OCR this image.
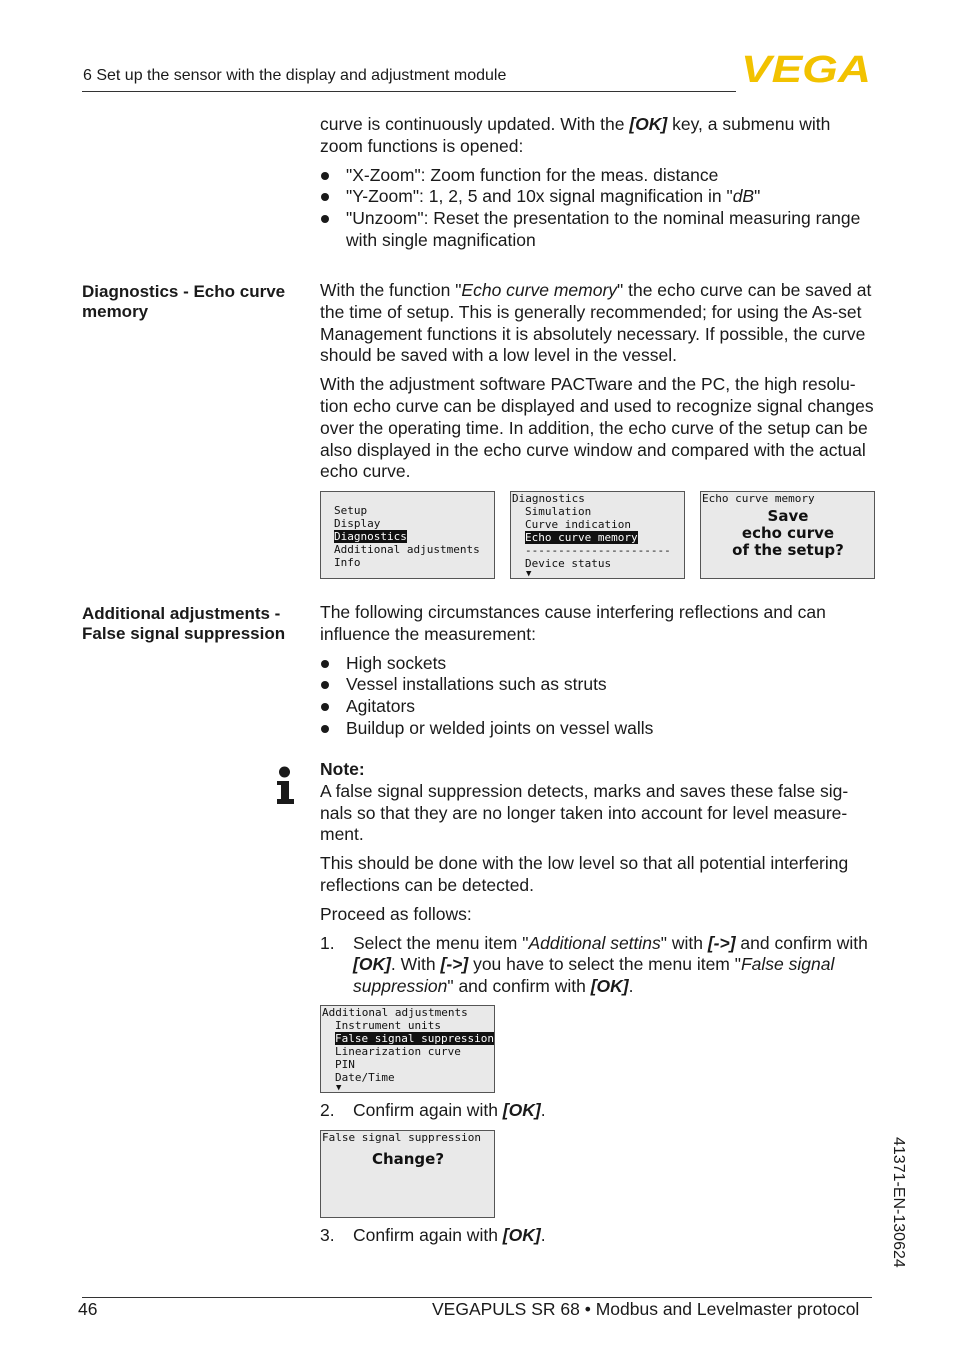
6 Set up the sensor with the display and adjustment module	VEGA

curve is continuously updated. With the [OK] key, a submenu with zoom functions is opened:

"X-Zoom": Zoom function for the meas. distance
"Y-Zoom": 1, 2, 5 and 10x signal magnification in "dB"
"Unzoom": Reset the presentation to the nominal measuring range with single magnification
Diagnostics - Echo curve memory

With the function "Echo curve memory" the echo curve can be saved at the time of setup. This is generally recommended; for using the As-set Management functions it is absolutely necessary. If possible, the curve should be saved with a low level in the vessel.

With the adjustment software PACTware and the PC, the high resolu-tion echo curve can be displayed and used to recognize signal changes over the operating time. In addition, the echo curve of the setup can be also displayed in the echo curve window and compared with the actual echo curve.

Setup
Display
Diagnostics
Additional adjustments
Info
Diagnostics
Simulation
Curve indication
Echo curve memory
----------------------
Device status
▼
Echo curve memory
Save
echo curve
of the setup?
Additional adjustments - False signal suppression

The following circumstances cause interfering reflections and can influence the measurement:

High sockets
Vessel installations such as struts
Agitators
Buildup or welded joints on vessel walls
Note:

A false signal suppression detects, marks and saves these false sig-nals so that they are no longer taken into account for level measure-ment.

This should be done with the low level so that all potential interfering reflections can be detected.

Proceed as follows:

1. Select the menu item "Additional settins" with [->] and confirm with [OK]. With [->] you have to select the menu item "False signal suppression" and confirm with [OK].
Additional adjustments
Instrument units
False signal suppression
Linearization curve
PIN
Date/Time
▼
2. Confirm again with [OK].
False signal suppression
Change?
3. Confirm again with [OK].	41371-EN-130624
46	VEGAPULS SR 68 • Modbus and Levelmaster protocol
